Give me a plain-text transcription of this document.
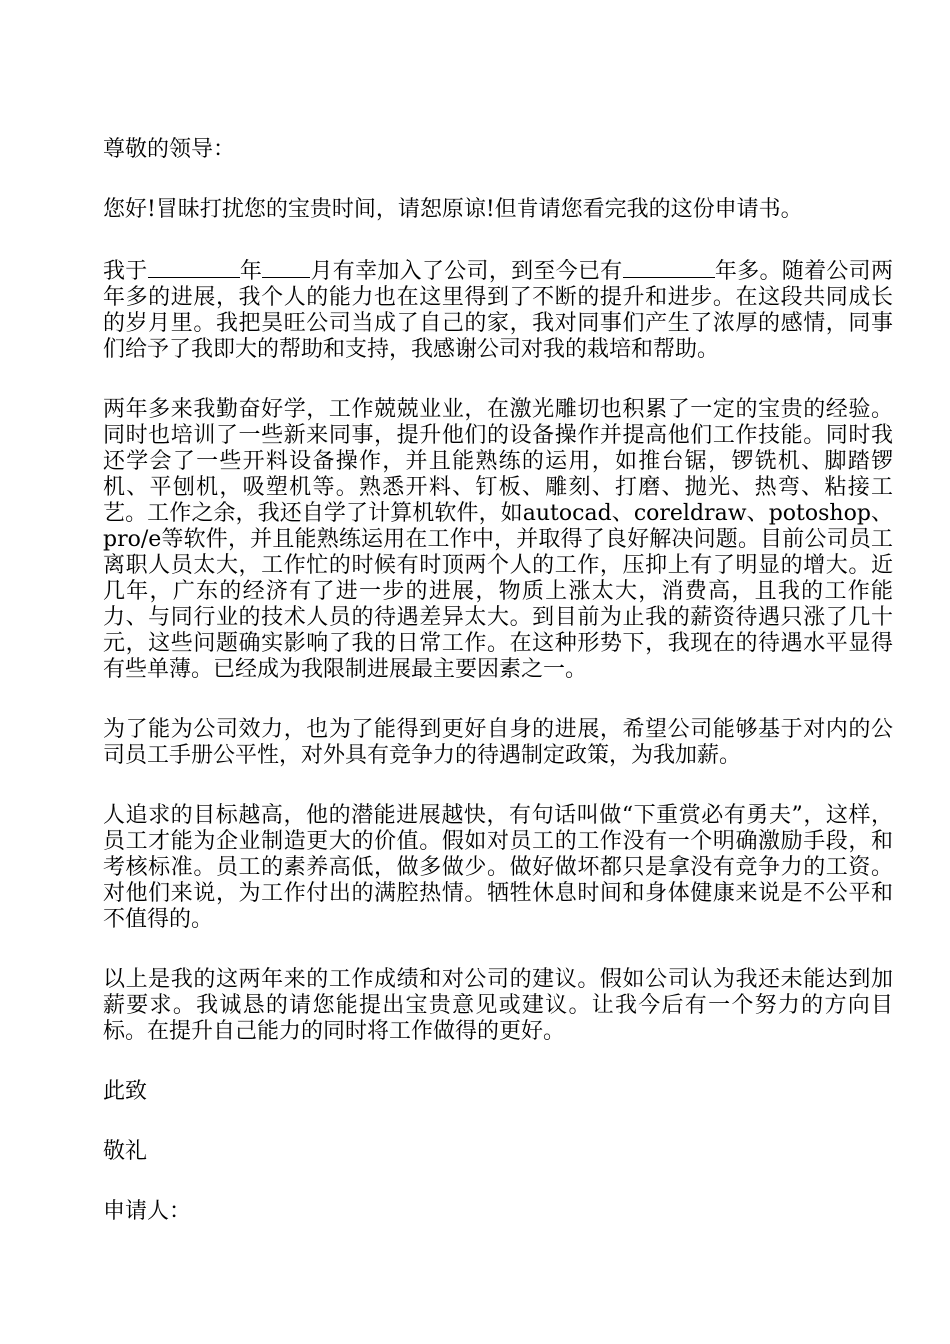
尊敬的领导：

您好!冒昧打扰您的宝贵时间，请恕原谅!但肯请您看完我的这份申请书。

我于	年 月有幸加入了公司，到至今已有	年多。随着公司两年多的进展，我个人的能力也在这里得到了不断的提升和进步。在这段共同成长的岁月里。我把昊旺公司当成了自己的家，我对同事们产生了浓厚的感情，同事们给予了我即大的帮助和支持，我感谢公司对我的栽培和帮助。

两年多来我勤奋好学，工作兢兢业业，在激光雕切也积累了一定的宝贵的经验。同时也培训了一些新来同事，提升他们的设备操作并提高他们工作技能。同时我还学会了一些开料设备操作，并且能熟练的运用，如推台锯，锣铣机、脚踏锣机、平刨机，吸塑机等。熟悉开料、钉板、雕刻、打磨、抛光、热弯、粘接工艺。工作之余，我还自学了计算机软件，如autocad、coreldraw、potoshop、pro/e等软件，并且能熟练运用在工作中，并取得了良好解决问题。目前公司员工离职人员太大，工作忙的时候有时顶两个人的工作，压抑上有了明显的增大。近几年，广东的经济有了进一步的进展，物质上涨太大，消费高，且我的工作能力、与同行业的技术人员的待遇差异太大。到目前为止我的薪资待遇只涨了几十元，这些问题确实影响了我的日常工作。在这种形势下，我现在的待遇水平显得有些单薄。已经成为我限制进展最主要因素之一。

为了能为公司效力，也为了能得到更好自身的进展，希望公司能够基于对内的公司员工手册公平性，对外具有竞争力的待遇制定政策，为我加薪。

人追求的目标越高，他的潜能进展越快，有句话叫做“下重赏必有勇夫”，这样，员工才能为企业制造更大的价值。假如对员工的工作没有一个明确激励手段，和考核标准。员工的素养高低，做多做少。做好做坏都只是拿没有竞争力的工资。对他们来说，为工作付出的满腔热情。牺牲休息时间和身体健康来说是不公平和不值得的。

以上是我的这两年来的工作成绩和对公司的建议。假如公司认为我还未能达到加薪要求。我诚恳的请您能提出宝贵意见或建议。让我今后有一个努力的方向目标。在提升自己能力的同时将工作做得的更好。

此致

敬礼

申请人：
